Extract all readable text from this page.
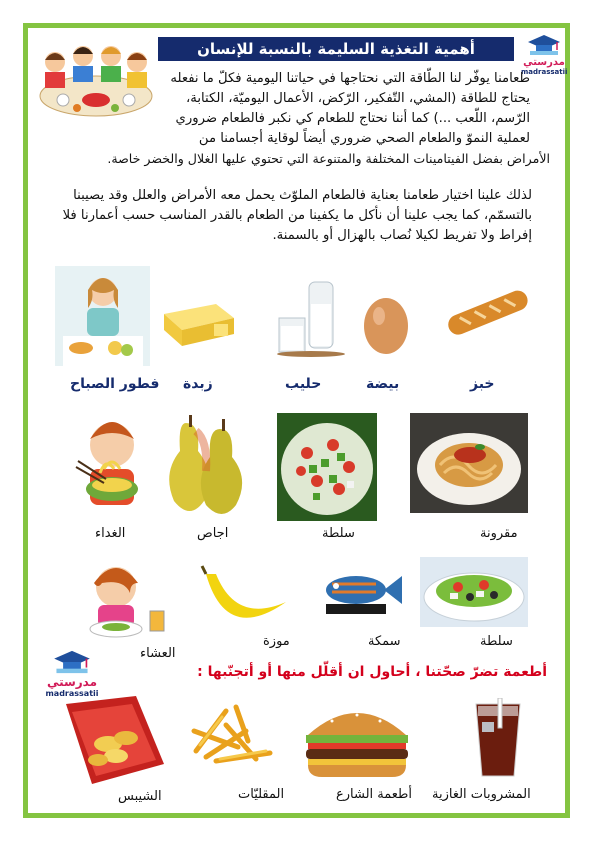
مدرستي
madrassatii
أهمية التغذية السليمة بالنسبة للإنسان
طعامنا يوفّر لنا الطّاقة التي نحتاجها في حياتنا اليومية فكلّ ما نفعله
يحتاج للطاقة (المشي، التّفكير، الرّكض، الأعمال اليوميّة، الكتابة،
الرّسم، اللّعب ...) كما أننا نحتاج للطعام كي نكبر فالطعام ضروري
لعملية النموّ والطعام الصحي ضروري أيضاً لوقاية أجسامنا من
الأمراض بفضل الفيتامينات المختلفة والمتنوعة التي تحتوي عليها الغلال والخضر خاصة.
لذلك علينا اختيار طعامنا بعناية فالطعام الملوّث يحمل معه الأمراض والعلل وقد يصيبنا
بالتسمّم، كما يجب علينا أن نأكل ما يكفينا من الطعام بالقدر المناسب حسب أعمارنا فلا
إفراط ولا تفريط لكيلا نُصاب بالهزال أو بالسمنة.
خبز
بيضة
حليب
زبدة
فطور الصباح
مقرونة
سلطة
اجاص
الغداء
سلطة
سمكة
موزة
العشاء
مدرستي
madrassatii
أطعمة تضرّ صحّتنا ، أحاول ان أقلّل منها أو أتجنّبها :
المشروبات الغازية
أطعمة الشارع
المقليّات
الشيبس
